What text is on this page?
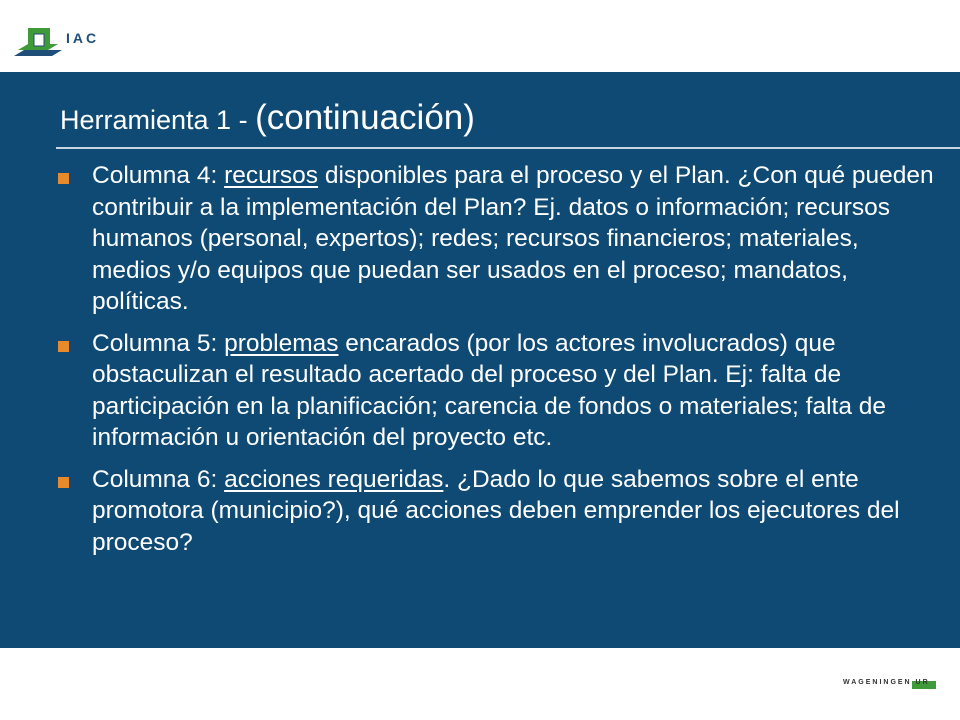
IAC
Herramienta 1 - (continuación)
Columna 4: recursos disponibles para el proceso y el Plan. ¿Con qué pueden contribuir a la implementación del Plan? Ej. datos o información; recursos humanos (personal, expertos); redes; recursos financieros; materiales, medios y/o equipos que puedan ser usados en el proceso; mandatos, políticas.
Columna 5: problemas encarados (por los actores involucrados) que obstaculizan el resultado acertado del proceso y del Plan. Ej: falta de participación en la planificación; carencia de fondos o materiales; falta de información u orientación del proyecto etc.
Columna 6: acciones requeridas. ¿Dado lo que sabemos sobre el ente promotora (municipio?), qué acciones deben emprender los ejecutores del proceso?
WAGENINGEN UR
